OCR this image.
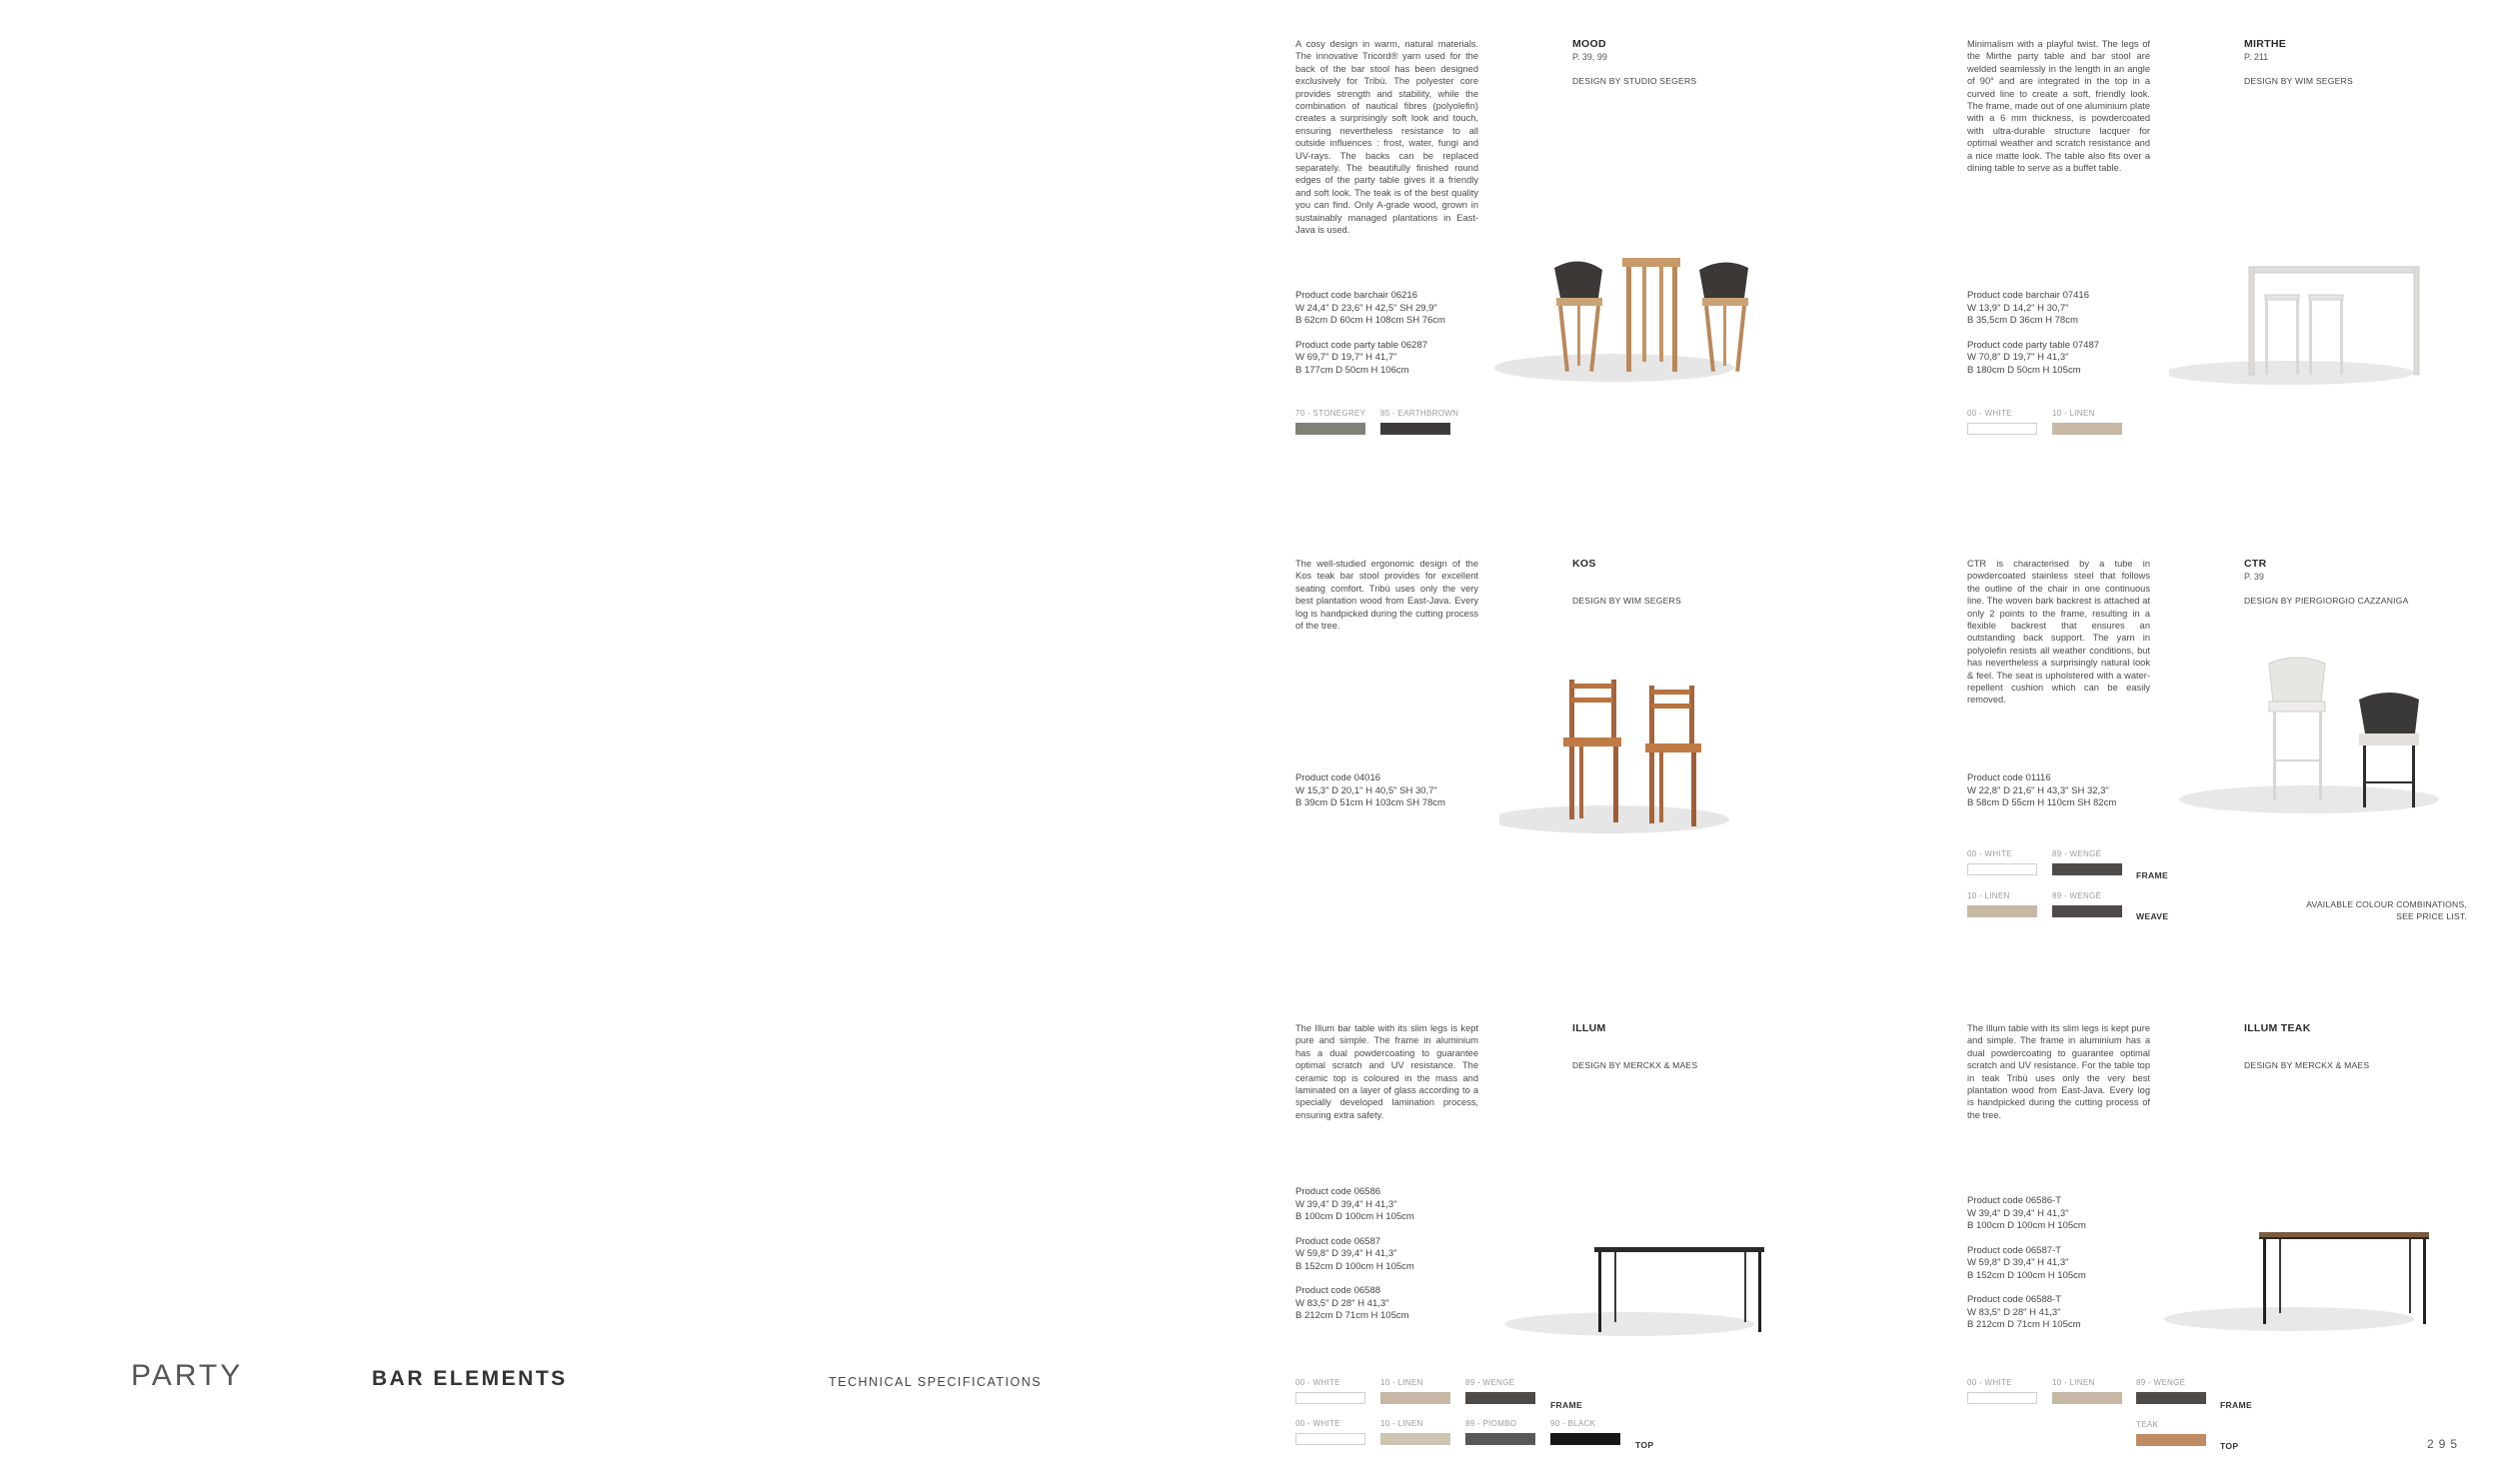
A cosy design in warm, natural materials. The innovative Tricord® yarn used for the back of the bar stool has been designed exclusively for Tribù. The polyester core provides strength and stability, while the combination of nautical fibres (polyolefin) creates a surprisingly soft look and touch, ensuring nevertheless resistance to all outside influences : frost, water, fungi and UV-rays. The backs can be replaced separately. The beautifully finished round edges of the party table gives it a friendly and soft look. The teak is of the best quality you can find. Only A-grade wood, grown in sustainably managed plantations in East- Java is used.

MOOD
P. 39, 99
DESIGN BY STUDIO SEGERS

Product code barchair 06216
W 24,4" D 23,6" H 42,5" SH 29,9"
B 62cm D 60cm H 108cm SH 76cm

Product code party table 06287
W 69,7" D 19,7" H 41,7"
B 177cm D 50cm H 106cm

70 - STONEGREY 85 - EARTHBROWN

Minimalism with a playful twist. The legs of the Mirthe party table and bar stool are welded seamlessly in the length in an angle of 90° and are integrated in the top in a curved line to create a soft, friendly look. The frame, made out of one aluminium plate with a 6 mm thickness, is powdercoated with ultra-durable structure lacquer for optimal weather and scratch resistance and a nice matte look. The table also fits over a dining table to serve as a buffet table.

MIRTHE
P. 211
DESIGN BY WIM SEGERS

Product code barchair 07416
W 13,9" D 14,2" H 30,7"
B 35,5cm D 36cm H 78cm

Product code party table 07487
W 70,8" D 19,7" H 41,3"
B 180cm D 50cm H 105cm

00 - WHITE	10 - LINEN

The well-studied ergonomic design of the Kos teak bar stool provides for excellent seating comfort. Tribù uses only the very best plantation wood from East-Java. Every log is handpicked during the cutting process of the tree.

KOS
DESIGN BY WIM SEGERS

Product code 04016
W 15,3" D 20,1" H 40,5" SH 30,7"
B 39cm D 51cm H 103cm SH 78cm

CTR is characterised by a tube in powdercoated stainless steel that follows the outline of the chair in one continuous line. The woven bark backrest is attached at only 2 points to the frame, resulting in a flexible backrest that ensures an outstanding back support. The yarn in polyolefin resists all weather conditions, but has nevertheless a surprisingly natural look & feel. The seat is upholstered with a water-repellent cushion which can be easily removed.

CTR
P. 39
DESIGN BY PIERGIORGIO CAZZANIGA

Product code 01116
W 22,8" D 21,6" H 43,3" SH 32,3"
B 58cm D 55cm H 110cm SH 82cm

00 - WHITE	89 - WENGÉ
FRAME
10 - LINEN	89 - WENGÉ
WEAVE
AVAILABLE COLOUR COMBINATIONS,
SEE PRICE LIST.

The Illum bar table with its slim legs is kept pure and simple. The frame in aluminium has a dual powdercoating to guarantee optimal scratch and UV resistance. The ceramic top is coloured in the mass and laminated on a layer of glass according to a specially developed lamination process, ensuring extra safety.

ILLUM
DESIGN BY MERCKX & MAES

Product code 06586
W 39,4" D 39,4" H 41,3"
B 100cm D 100cm H 105cm

Product code 06587
W 59,8" D 39,4" H 41,3"
B 152cm D 100cm H 105cm

Product code 06588
W 83,5" D 28" H 41,3"
B 212cm D 71cm H 105cm

00 - WHITE	10 - LINEN	89 - WENGÉ
FRAME
00 - WHITE	10 - LINEN	89 - PIOMBO	90 - BLACK
TOP

The Illum table with its slim legs is kept pure and simple. The frame in aluminium has a dual powdercoating to guarantee optimal scratch and UV resistance. For the table top in teak Tribù uses only the very best plantation wood from East-Java. Every log is handpicked during the cutting process of the tree.

ILLUM TEAK
DESIGN BY MERCKX & MAES

Product code 06586-T
W 39,4" D 39,4" H 41,3"
B 100cm D 100cm H 105cm

Product code 06587-T
W 59,8" D 39,4" H 41,3"
B 152cm D 100cm H 105cm

Product code 06588-T
W 83,5" D 28" H 41,3"
B 212cm D 71cm H 105cm

00 - WHITE	10 - LINEN	89 - WENGÉ
FRAME
TEAK
TOP
PARTY	BAR ELEMENTS	TECHNICAL SPECIFICATIONS
295
